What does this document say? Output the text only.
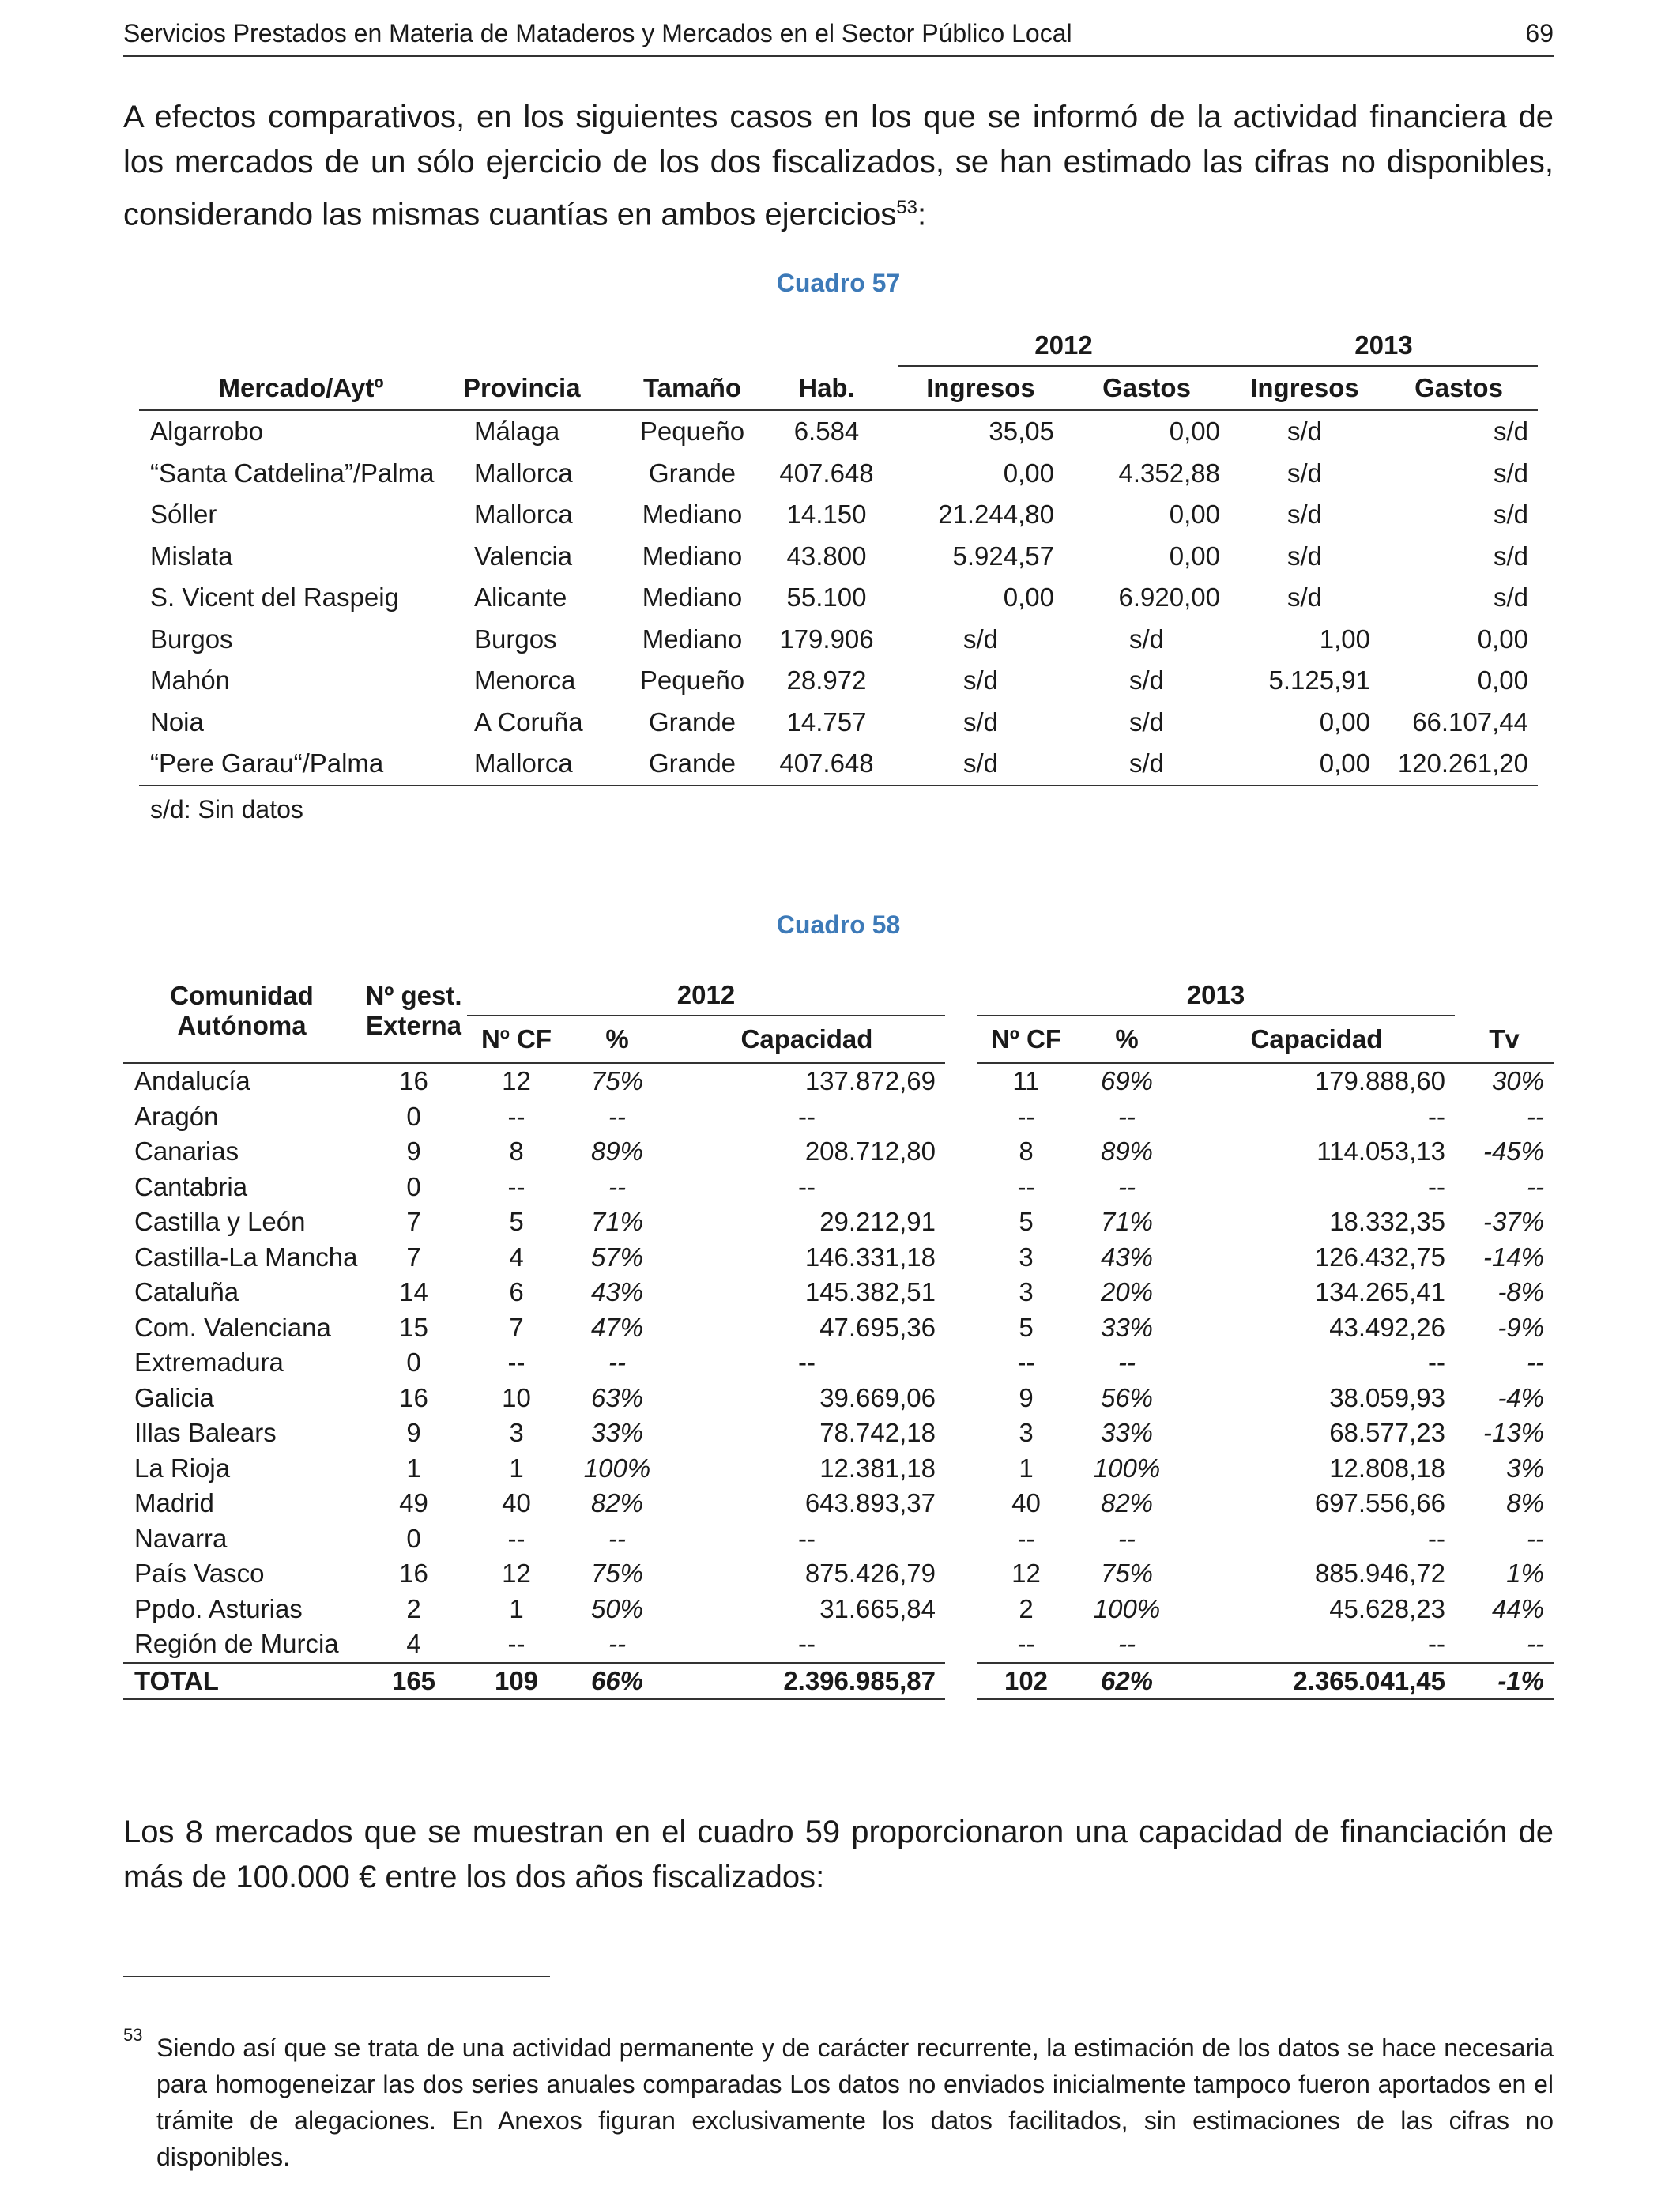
Servicios Prestados en Materia de Mataderos y Mercados en el Sector Público Local	69
A efectos comparativos, en los siguientes casos en los que se informó de la actividad financiera de los mercados de un sólo ejercicio de los dos fiscalizados, se han estimado las cifras no disponibles, considerando las mismas cuantías en ambos ejercicios$^{53}$:
Cuadro 57
				2012		2013	
Mercado/Aytº	Provincia	Tamaño	Hab.	Ingresos	Gastos	Ingresos	Gastos
Algarrobo	Málaga	Pequeño	6.584	35,05	0,00	s/d	s/d
“Santa Catdelina”/Palma	Mallorca	Grande	407.648	0,00	4.352,88	s/d	s/d
Sóller	Mallorca	Mediano	14.150	21.244,80	0,00	s/d	s/d
Mislata	Valencia	Mediano	43.800	5.924,57	0,00	s/d	s/d
S. Vicent del Raspeig	Alicante	Mediano	55.100	0,00	6.920,00	s/d	s/d
Burgos	Burgos	Mediano	179.906	s/d	s/d	1,00	0,00
Mahón	Menorca	Pequeño	28.972	s/d	s/d	5.125,91	0,00
Noia	A Coruña	Grande	14.757	s/d	s/d	0,00	66.107,44
“Pere Garau“/Palma	Mallorca	Grande	407.648	s/d	s/d	0,00	120.261,20
s/d: Sin datos
Cuadro 58
Comunidad Autónoma	Nº gest. Externa	2012				2013			
		Nº CF	%	Capacidad		Nº CF	%	Capacidad	Tv
Andalucía	16	12	75%	137.872,69		11	69%	179.888,60	30%
Aragón	0	--	--	--		--	--	--	--
Canarias	9	8	89%	208.712,80		8	89%	114.053,13	-45%
Cantabria	0	--	--	--		--	--	--	--
Castilla y León	7	5	71%	29.212,91		5	71%	18.332,35	-37%
Castilla-La Mancha	7	4	57%	146.331,18		3	43%	126.432,75	-14%
Cataluña	14	6	43%	145.382,51		3	20%	134.265,41	-8%
Com. Valenciana	15	7	47%	47.695,36		5	33%	43.492,26	-9%
Extremadura	0	--	--	--		--	--	--	--
Galicia	16	10	63%	39.669,06		9	56%	38.059,93	-4%
Illas Balears	9	3	33%	78.742,18		3	33%	68.577,23	-13%
La Rioja	1	1	100%	12.381,18		1	100%	12.808,18	3%
Madrid	49	40	82%	643.893,37		40	82%	697.556,66	8%
Navarra	0	--	--	--		--	--	--	--
País Vasco	16	12	75%	875.426,79		12	75%	885.946,72	1%
Ppdo. Asturias	2	1	50%	31.665,84		2	100%	45.628,23	44%
Región de Murcia	4	--	--	--		--	--	--	--
TOTAL	165	109	66%	2.396.985,87		102	62%	2.365.041,45	-1%
Los 8 mercados que se muestran en el cuadro 59 proporcionaron una capacidad de financiación de más de 100.000 € entre los dos años fiscalizados:
53 Siendo así que se trata de una actividad permanente y de carácter recurrente, la estimación de los datos se hace necesaria para homogeneizar las dos series anuales comparadas Los datos no enviados inicialmente tampoco fueron aportados en el trámite de alegaciones. En Anexos figuran exclusivamente los datos facilitados, sin estimaciones de las cifras no disponibles.
